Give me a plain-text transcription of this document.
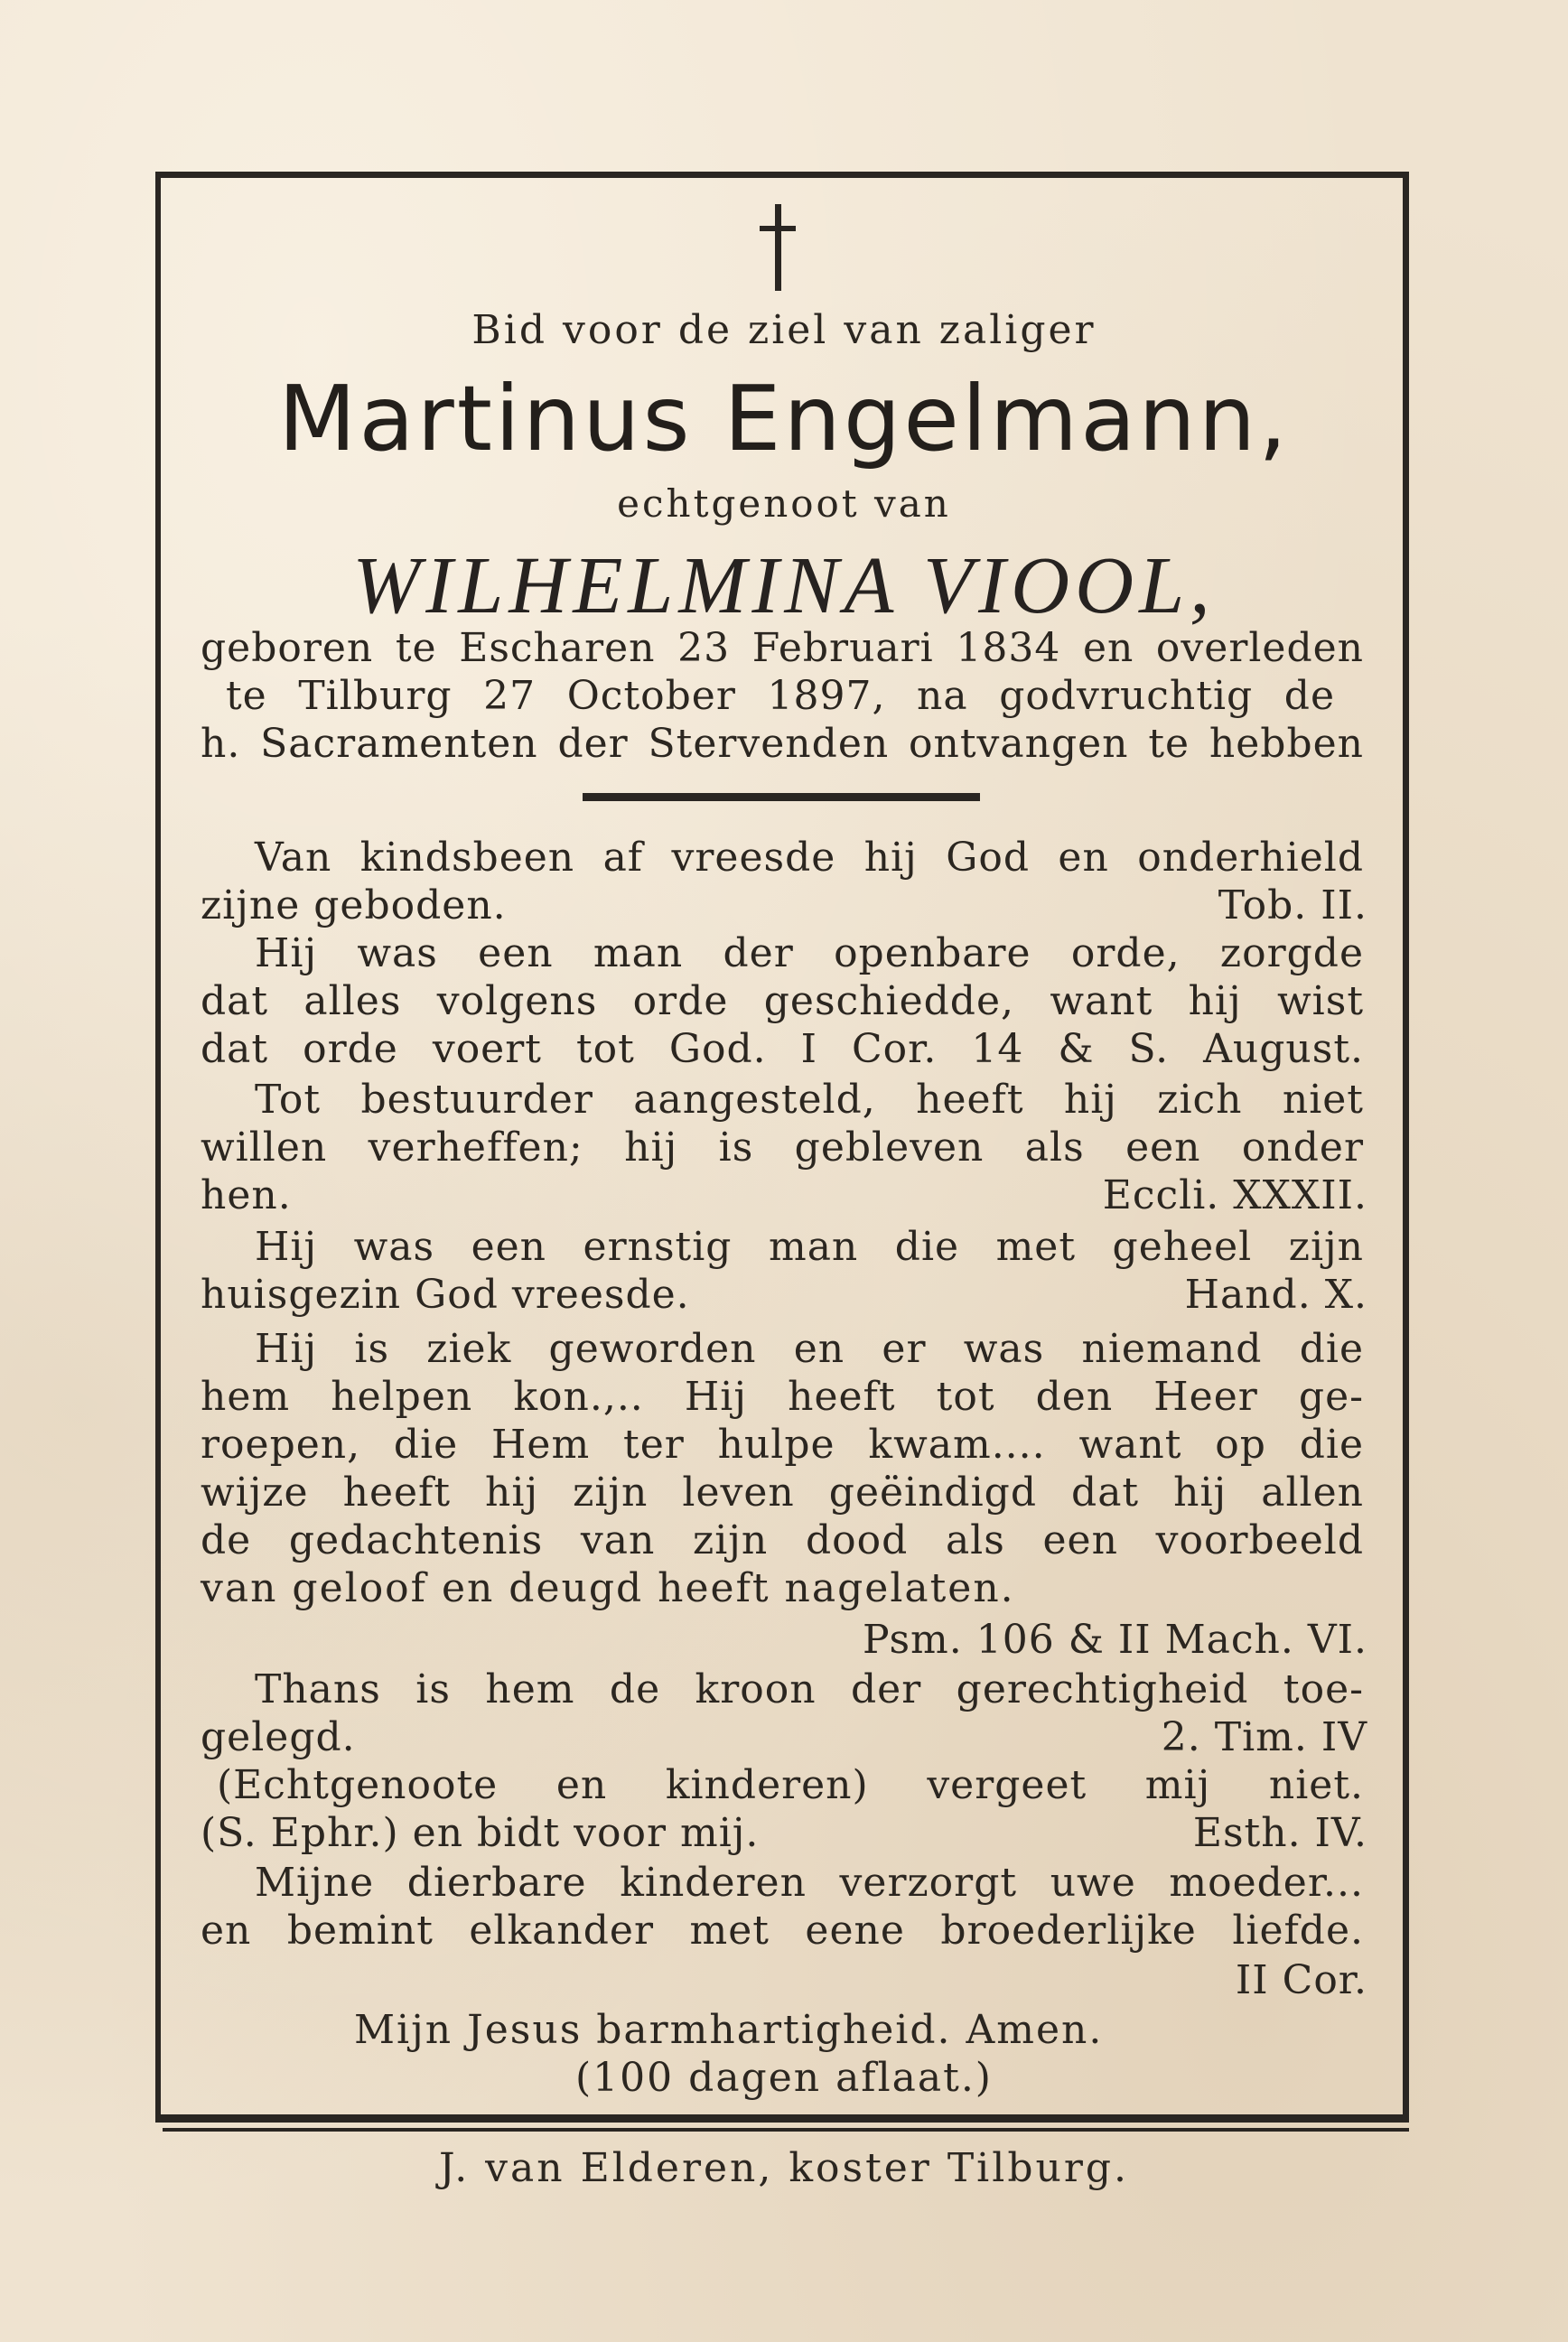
Bid voor de ziel van zaliger
Martinus Engelmann,
echtgenoot van
WILHELMINA VIOOL,
geboren te Escharen 23 Februari 1834 en overleden
te Tilburg 27 October 1897, na godvruchtig de
h. Sacramenten der Stervenden ontvangen te hebben
Van kindsbeen af vreesde hij God en onderhield
zijne geboden.	Tob. II.
Hij was een man der openbare orde, zorgde
dat alles volgens orde geschiedde, want hij wist
dat orde voert tot God. I Cor. 14 & S. August.
Tot bestuurder aangesteld, heeft hij zich niet
willen verheffen; hij is gebleven als een onder
hen.	Eccli. XXXII.
Hij was een ernstig man die met geheel zijn
huisgezin God vreesde.	Hand. X.
Hij is ziek geworden en er was niemand die
hem helpen kon.,.. Hij heeft tot den Heer ge-
roepen, die Hem ter hulpe kwam.... want op die
wijze heeft hij zijn leven geëindigd dat hij allen
de gedachtenis van zijn dood als een voorbeeld
van geloof en deugd heeft nagelaten.
Psm. 106 & II Mach. VI.
Thans is hem de kroon der gerechtigheid toe-
gelegd.	2. Tim. IV
(Echtgenoote en kinderen) vergeet mij niet.
(S. Ephr.) en bidt voor mij.	Esth. IV.
Mijne dierbare kinderen verzorgt uwe moeder...
en bemint elkander met eene broederlijke liefde.
II Cor.
Mijn Jesus barmhartigheid. Amen.
(100 dagen aflaat.)
J. van Elderen, koster Tilburg.
